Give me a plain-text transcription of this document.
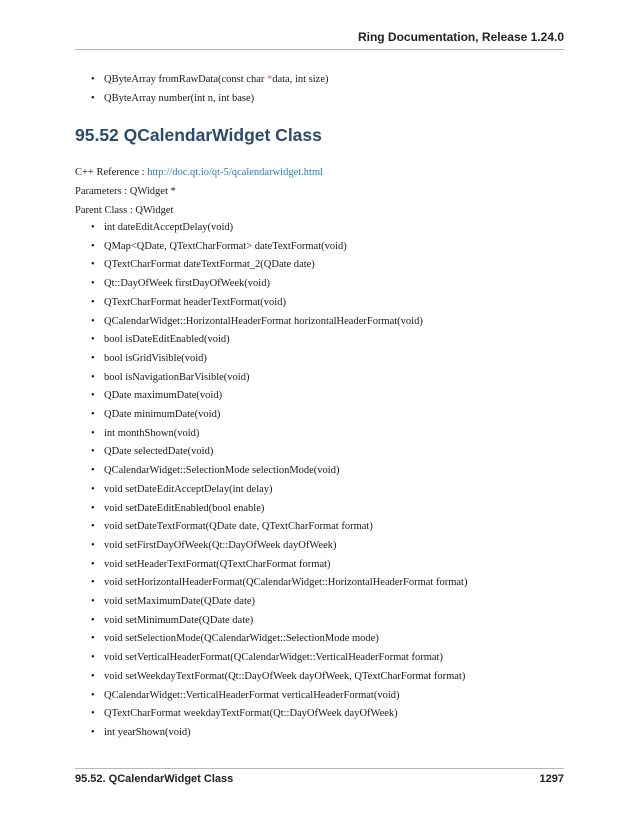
Ring Documentation, Release 1.24.0
• QByteArray fromRawData(const char *data, int size)
• QByteArray number(int n, int base)
95.52 QCalendarWidget Class
C++ Reference : http://doc.qt.io/qt-5/qcalendarwidget.html
Parameters : QWidget *
Parent Class : QWidget
• int dateEditAcceptDelay(void)
• QMap<QDate, QTextCharFormat> dateTextFormat(void)
• QTextCharFormat dateTextFormat_2(QDate date)
• Qt::DayOfWeek firstDayOfWeek(void)
• QTextCharFormat headerTextFormat(void)
• QCalendarWidget::HorizontalHeaderFormat horizontalHeaderFormat(void)
• bool isDateEditEnabled(void)
• bool isGridVisible(void)
• bool isNavigationBarVisible(void)
• QDate maximumDate(void)
• QDate minimumDate(void)
• int monthShown(void)
• QDate selectedDate(void)
• QCalendarWidget::SelectionMode selectionMode(void)
• void setDateEditAcceptDelay(int delay)
• void setDateEditEnabled(bool enable)
• void setDateTextFormat(QDate date, QTextCharFormat format)
• void setFirstDayOfWeek(Qt::DayOfWeek dayOfWeek)
• void setHeaderTextFormat(QTextCharFormat format)
• void setHorizontalHeaderFormat(QCalendarWidget::HorizontalHeaderFormat format)
• void setMaximumDate(QDate date)
• void setMinimumDate(QDate date)
• void setSelectionMode(QCalendarWidget::SelectionMode mode)
• void setVerticalHeaderFormat(QCalendarWidget::VerticalHeaderFormat format)
• void setWeekdayTextFormat(Qt::DayOfWeek dayOfWeek, QTextCharFormat format)
• QCalendarWidget::VerticalHeaderFormat verticalHeaderFormat(void)
• QTextCharFormat weekdayTextFormat(Qt::DayOfWeek dayOfWeek)
• int yearShown(void)
95.52. QCalendarWidget Class	1297
